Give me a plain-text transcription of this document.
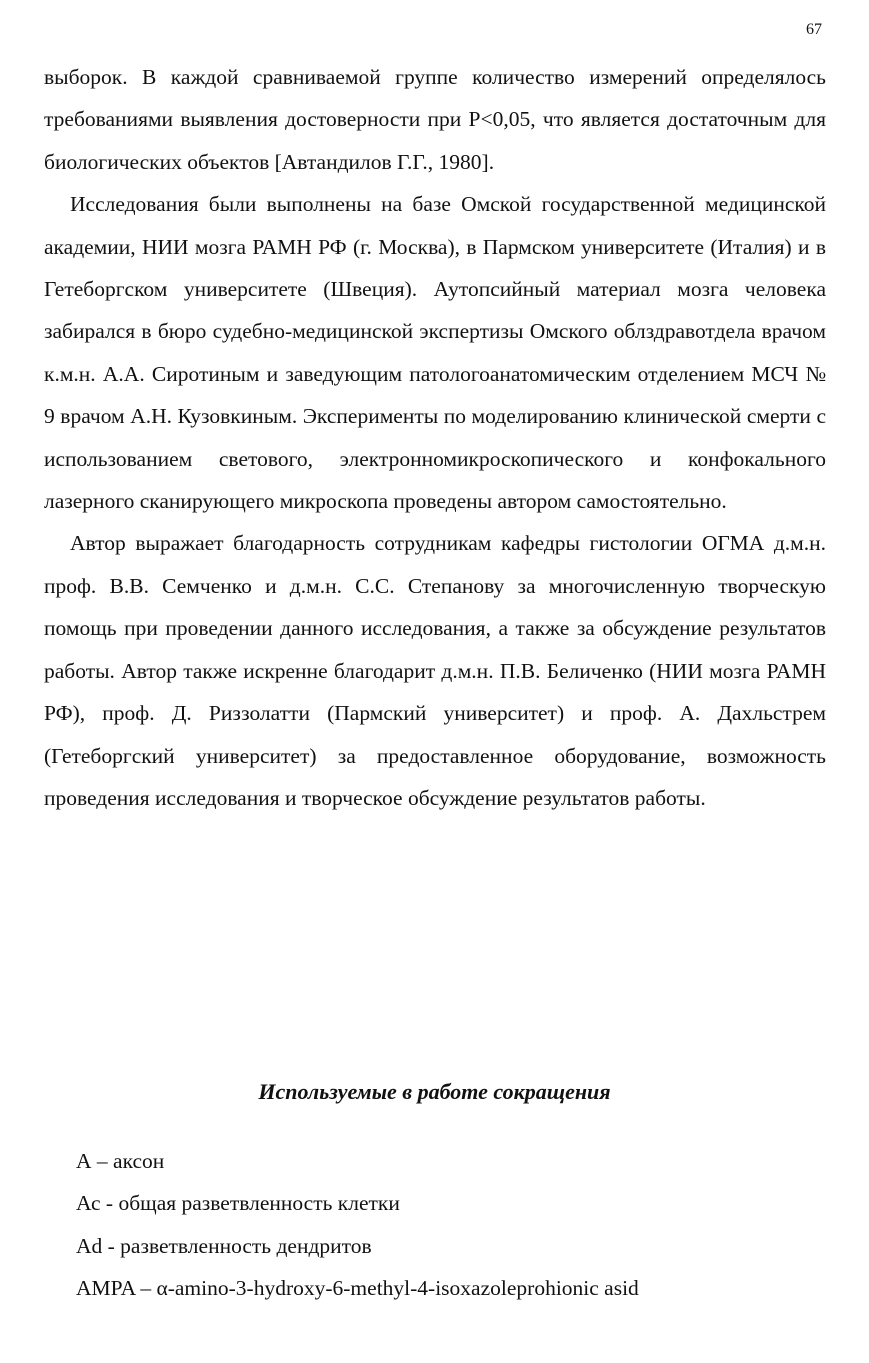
67

выборок. В каждой сравниваемой группе количество измерений определялось требованиями выявления достоверности при P<0,05, что является достаточным для биологических объектов [Автандилов Г.Г., 1980].

Исследования были выполнены на базе Омской государственной медицинской академии, НИИ мозга РАМН РФ (г. Москва), в Пармском университете (Италия) и в Гетеборгском университете (Швеция). Аутопсийный материал мозга человека забирался в бюро судебно-медицинской экспертизы Омского облздравотдела врачом к.м.н. А.А. Сиротиным и заведующим патологоанатомическим отделением МСЧ № 9 врачом А.Н. Кузовкиным. Эксперименты по моделированию клинической смерти с использованием светового, электронномикроскопического и конфокального лазерного сканирующего микроскопа проведены автором самостоятельно.

Автор выражает благодарность сотрудникам кафедры гистологии ОГМА д.м.н. проф. В.В. Семченко и д.м.н. С.С. Степанову за многочисленную творческую помощь при проведении данного исследования, а также за обсуждение результатов работы. Автор также искренне благодарит д.м.н. П.В. Беличенко (НИИ мозга РАМН РФ), проф. Д. Риззолатти (Пармский университет) и проф. А. Дахльстрем (Гетеборгский университет) за предоставленное оборудование, возможность проведения исследования и творческое обсуждение результатов работы.

Используемые в работе сокращения
А – аксон
Ас - общая разветвленность клетки
Аd - разветвленность дендритов
AMPA – α-amino-3-hydroxy-6-methyl-4-isoxazoleprohionic asid
